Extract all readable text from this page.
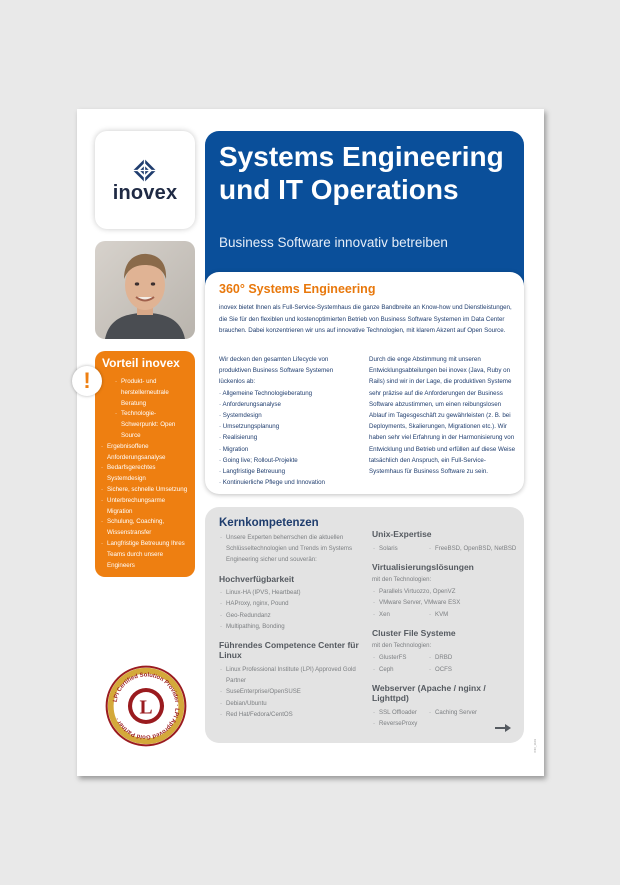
inovex
Systems Engineering und IT Operations
Business Software innovativ betreiben
360° Systems Engineering
inovex bietet Ihnen als Full-Service-Systemhaus die ganze Bandbreite an Know-how und Dienstleistungen, die Sie für den flexiblen und kostenoptimierten Betrieb von Business Software Systemen im Data Center brauchen. Dabei konzentrieren wir uns auf innovative Technologien, mit klarem Akzent auf Open Source.
Wir decken den gesamten Lifecycle von produktiven Business Software Systemen lückenlos ab:
· Allgemeine Technologieberatung
· Anforderungsanalyse
· Systemdesign
· Umsetzungsplanung
· Realisierung
· Migration
· Going live; Rollout-Projekte
· Langfristige Betreuung
· Kontinuierliche Pflege und Innovation
Durch die enge Abstimmung mit unseren Entwicklungsabteilungen bei inovex (Java, Ruby on Rails) sind wir in der Lage, die produktiven Systeme sehr präzise auf die Anforderungen der Business Software abzustimmen, um einen reibungslosen Ablauf im Tagesgeschäft zu gewährleisten (z. B. bei Deployments, Skalierungen, Migrationen etc.). Wir haben sehr viel Erfahrung in der Harmonisierung von Entwicklung und Betrieb und erfüllen auf diese Weise tatsächlich den Anspruch, ein Full-Service-Systemhaus für Business Software zu sein.
Vorteil inovex
· Produkt- und herstellerneutrale Beratung
· Technologie-Schwerpunkt: Open Source
· Ergebnisoffene Anforderungsanalyse
· Bedarfsgerechtes Systemdesign
· Sichere, schnelle Umsetzung
· Unterbrechungsarme Migration
· Schulung, Coaching, Wissenstransfer
· Langfristige Betreuung Ihres Teams durch unsere Engineers
!
LPI Certified Solution Provider · LPI Approved Gold Partner ·
L
Kernkompetenzen
· Unsere Experten beherrschen die aktuellen Schlüsseltechnologien und Trends im Systems Engineering sicher und souverän:
Hochverfügbarkeit
· Linux-HA (IPVS, Heartbeat)
· HAProxy, nginx, Pound
· Geo-Redundanz
· Multipathing, Bonding
Führendes Competence Center für Linux
· Linux Professional Institute (LPI) Approved Gold Partner
· SuseEnterprise/OpenSUSE
· Debian/Ubuntu
· Red Hat/Fedora/CentOS
Unix-Expertise
· Solaris	· FreeBSD, OpenBSD, NetBSD
Virtualisierungslösungen
mit den Technologien:
· Parallels Virtuozzo, OpenVZ
· VMware Server, VMware ESX
· Xen	· KVM
Cluster File Systeme
mit den Technologien:
· GlusterFS	· DRBD
· Ceph	· OCFS
Webserver (Apache / nginx / Lighttpd)
· SSL Offloader	· Caching Server
· ReverseProxy
INO_1109
